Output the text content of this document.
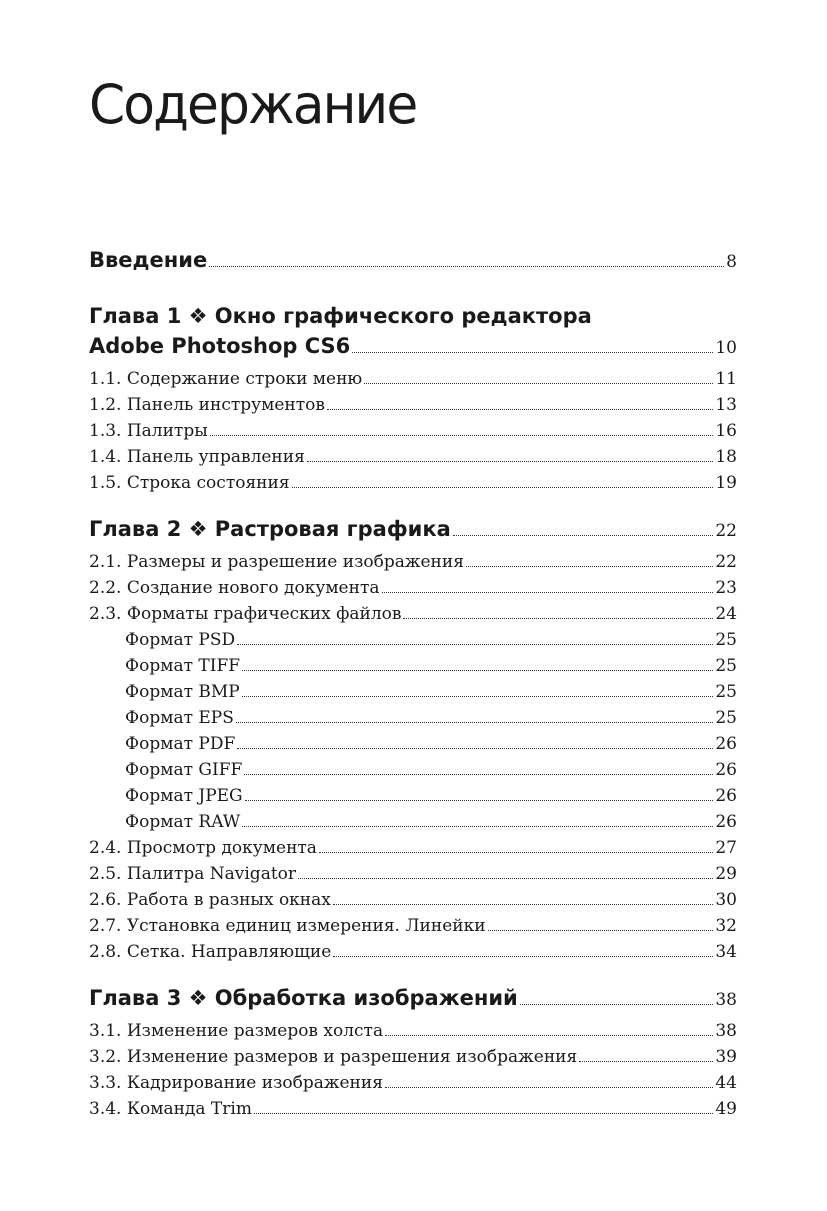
Содержание
Введение	8
Глава 1 ❖ Окно графического редактора
Adobe Photoshop CS6	10
1.1. Содержание строки меню	11
1.2. Панель инструментов	13
1.3. Палитры	16
1.4. Панель управления	18
1.5. Строка состояния	19
Глава 2 ❖ Растровая графика	22
2.1. Размеры и разрешение изображения	22
2.2. Создание нового документа	23
2.3. Форматы графических файлов	24
Формат PSD	25
Формат TIFF	25
Формат BMP	25
Формат EPS	25
Формат PDF	26
Формат GIFF	26
Формат JPEG	26
Формат RAW	26
2.4. Просмотр документа	27
2.5. Палитра Navigator	29
2.6. Работа в разных окнах	30
2.7. Установка единиц измерения. Линейки	32
2.8. Сетка. Направляющие	34
Глава 3 ❖ Обработка изображений	38
3.1. Изменение размеров холста	38
3.2. Изменение размеров и разрешения изображения	39
3.3. Кадрирование изображения	44
3.4. Команда Trim	49
